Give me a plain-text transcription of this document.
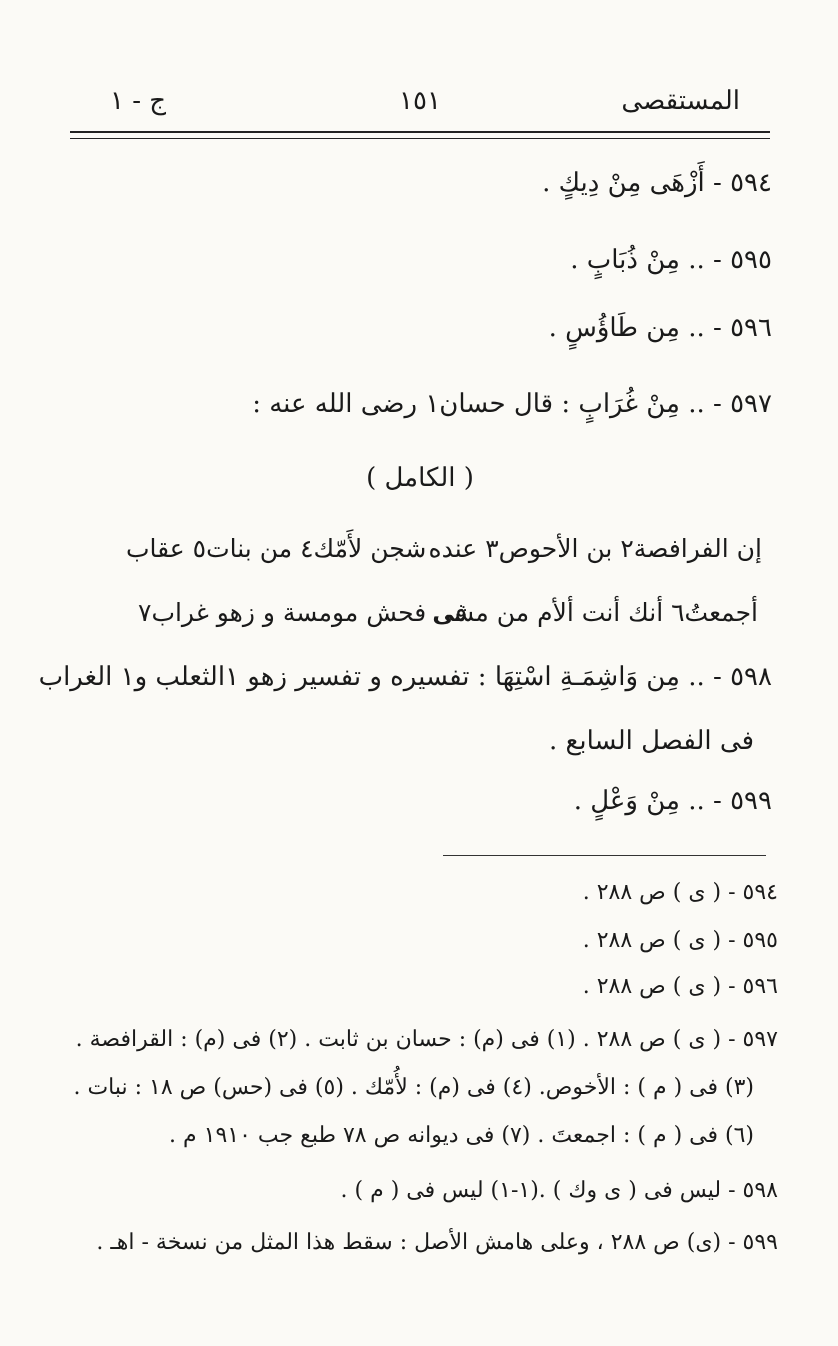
المستقصى
١٥١
ج - ١
٥٩٤ - أَزْهَى مِنْ دِيكٍ .
٥٩٥ - .. مِنْ ذُبَابٍ .
٥٩٦ - .. مِن طَاؤُسٍ .
٥٩٧ - .. مِنْ غُرَابٍ : قال حسان١ رضى الله عنه :
( الكامل )
إن الفرافصة٢ بن الأحوص٣ عنده
شجن لأَمّك٤ من بنات٥ عقاب
أجمعتُ٦ أنك أنت ألأم من مشى
فى فحش مومسة و زهو غراب٧
٥٩٨ - .. مِن وَاشِمَـةِ اسْتِهَا : تفسيره و تفسير زهو ١الثعلب و١ الغراب
فى الفصل السابع .
٥٩٩ - .. مِنْ وَعْلٍ .
٥٩٤ - ( ى ) ص ٢٨٨ .
٥٩٥ - ( ى ) ص ٢٨٨ .
٥٩٦ - ( ى ) ص ٢٨٨ .
٥٩٧ - ( ى ) ص ٢٨٨ . (١) فى (م) : حسان بن ثابت . (٢) فى (م) : القرافصة .
(٣) فى ( م ) : الأخوص. (٤) فى (م) : لأُمّك . (٥) فى (حس) ص ١٨ : نبات .
(٦) فى ( م ) : اجمعتَ . (٧) فى ديوانه ص ٧٨ طبع جب ١٩١٠ م .
٥٩٨ - ليس فى ( ى وك ) .(١-١) ليس فى ( م ) .
٥٩٩ - (ى) ص ٢٨٨ ، وعلى هامش الأصل : سقط هذا المثل من نسخة - اهـ .
